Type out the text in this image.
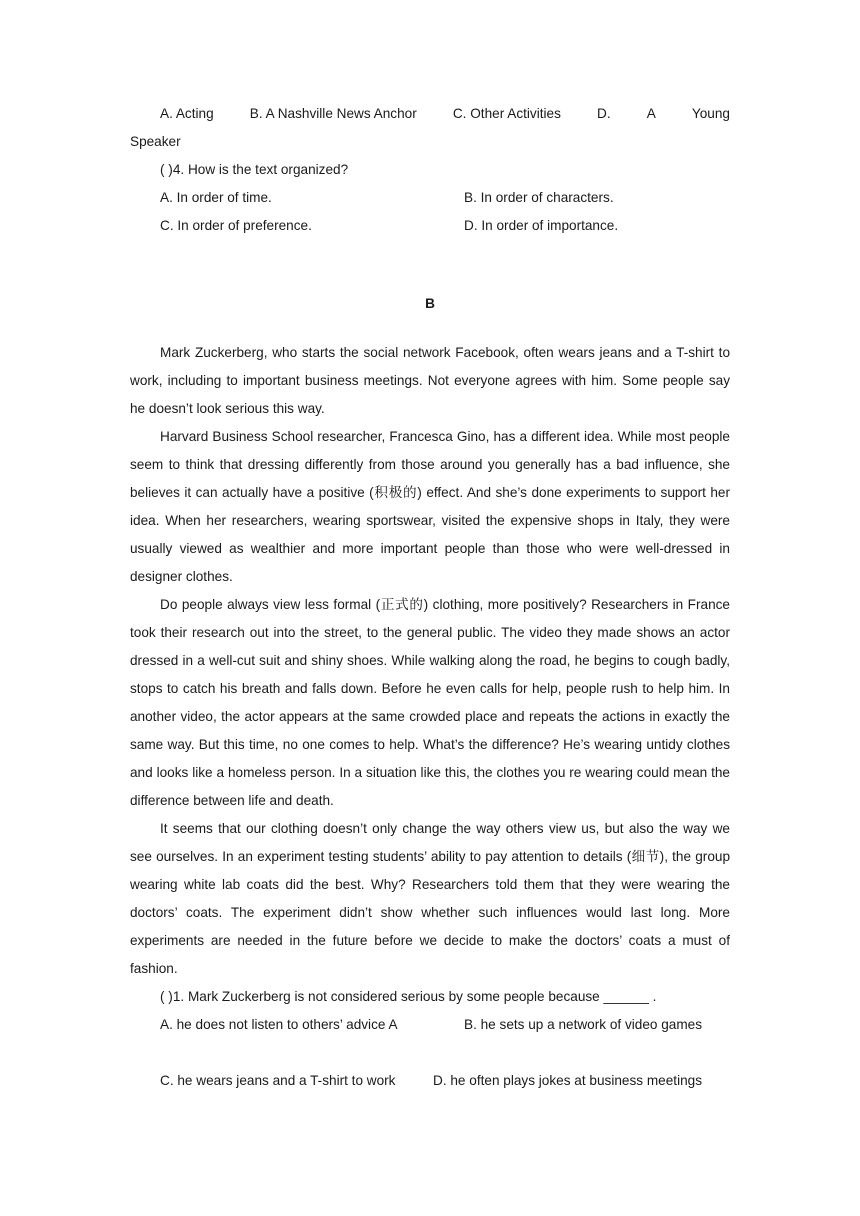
A. Acting	B. A Nashville News Anchor	C. Other Activities	D.	A	Young
Speaker
( )4. How is the text organized?
A. In order of time.	B. In order of characters.
C. In order of preference.	D. In order of importance.
B

Mark Zuckerberg, who starts the social network Facebook, often wears jeans and a T-shirt to work, including to important business meetings. Not everyone agrees with him. Some people say he doesn’t look serious this way.

Harvard Business School researcher, Francesca Gino, has a different idea. While most people seem to think that dressing differently from those around you generally has a bad influence, she believes it can actually have a positive (积极的) effect. And she’s done experiments to support her idea. When her researchers, wearing sportswear, visited the expensive shops in Italy, they were usually viewed as wealthier and more important people than those who were well-dressed in designer clothes.

Do people always view less formal (正式的) clothing, more positively? Researchers in France took their research out into the street, to the general public. The video they made shows an actor dressed in a well-cut suit and shiny shoes. While walking along the road, he begins to cough badly, stops to catch his breath and falls down. Before he even calls for help, people rush to help him. In another video, the actor appears at the same crowded place and repeats the actions in exactly the same way. But this time, no one comes to help. What’s the difference? He’s wearing untidy clothes and looks like a homeless person. In a situation like this, the clothes you re wearing could mean the difference between life and death.

It seems that our clothing doesn’t only change the way others view us, but also the way we see ourselves. In an experiment testing students’ ability to pay attention to details (细节), the group wearing white lab coats did the best. Why? Researchers told them that they were wearing the doctors’ coats. The experiment didn’t show whether such influences would last long. More experiments are needed in the future before we decide to make the doctors’ coats a must of fashion.

( )1. Mark Zuckerberg is not considered serious by some people because ______ .
A. he does not listen to others’ advice A	B. he sets up a network of video games
C. he wears jeans and a T-shirt to work	D. he often plays jokes at business meetings
